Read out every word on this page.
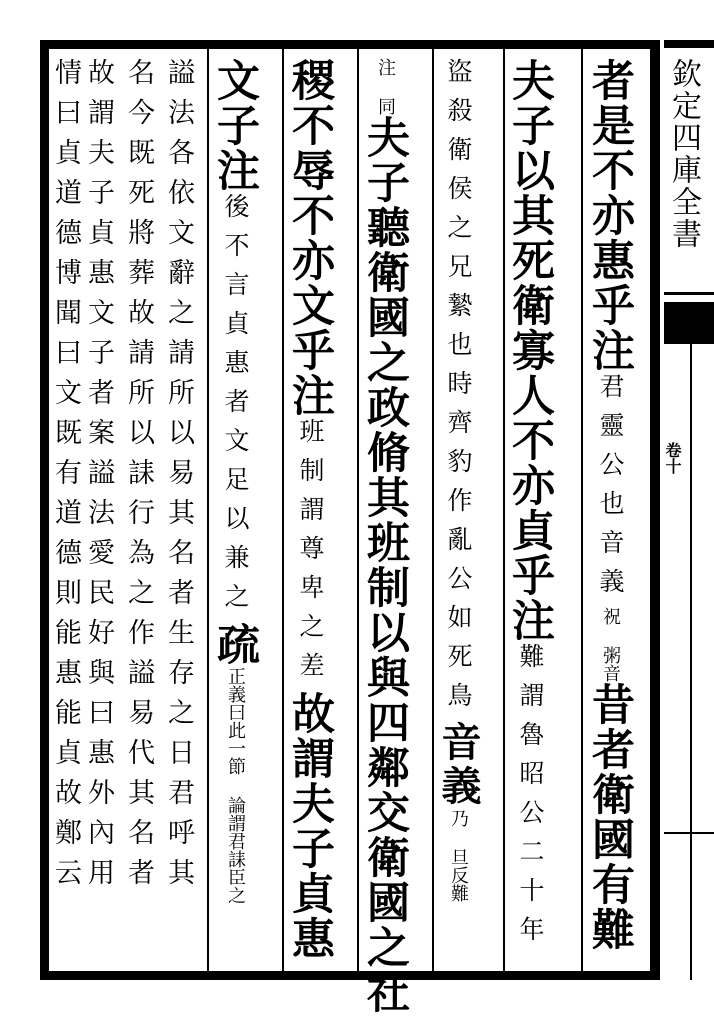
欽定四庫全書
卷十
者是不亦惠乎注君靈公也音義祝 粥音昔者衛國有難
夫子以其死衛寡人不亦貞乎注難謂魯昭公二十年
盜殺衛侯之兄縶也時齊豹作亂公如死鳥音義乃 旦反難
注 同夫子聽衛國之政脩其班制以與四鄰交衛國之社
稷不辱不亦文乎注班制謂尊卑之差故謂夫子貞惠
文子注後不言貞惠者文足以兼之疏正義曰此一節 論謂君誄臣之
謚法各依文辭之請所以易其名者生存之日君呼其
名今既死將葬故請所以誄行為之作謚易代其名者
故謂夫子貞惠文子者案謚法愛民好與曰惠外內用
情曰貞道德博聞曰文既有道德則能惠能貞故鄭云
